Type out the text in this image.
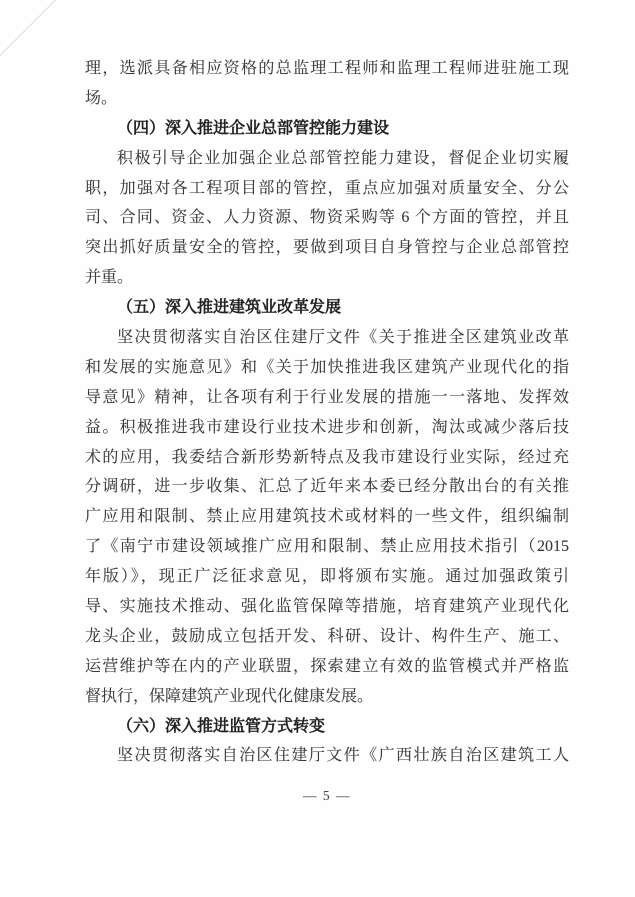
理，选派具备相应资格的总监理工程师和监理工程师进驻施工现
场。
（四）深入推进企业总部管控能力建设
积极引导企业加强企业总部管控能力建设，督促企业切实履
职，加强对各工程项目部的管控，重点应加强对质量安全、分公
司、合同、资金、人力资源、物资采购等 6 个方面的管控，并且
突出抓好质量安全的管控，要做到项目自身管控与企业总部管控
并重。
（五）深入推进建筑业改革发展
坚决贯彻落实自治区住建厅文件《关于推进全区建筑业改革
和发展的实施意见》和《关于加快推进我区建筑产业现代化的指
导意见》精神，让各项有利于行业发展的措施一一落地、发挥效
益。积极推进我市建设行业技术进步和创新，淘汰或减少落后技
术的应用，我委结合新形势新特点及我市建设行业实际，经过充
分调研，进一步收集、汇总了近年来本委已经分散出台的有关推
广应用和限制、禁止应用建筑技术或材料的一些文件，组织编制
了《南宁市建设领域推广应用和限制、禁止应用技术指引（2015
年版）》，现正广泛征求意见，即将颁布实施。通过加强政策引
导、实施技术推动、强化监管保障等措施，培育建筑产业现代化
龙头企业，鼓励成立包括开发、科研、设计、构件生产、施工、
运营维护等在内的产业联盟，探索建立有效的监管模式并严格监
督执行，保障建筑产业现代化健康发展。
（六）深入推进监管方式转变
坚决贯彻落实自治区住建厅文件《广西壮族自治区建筑工人
— 5 —
